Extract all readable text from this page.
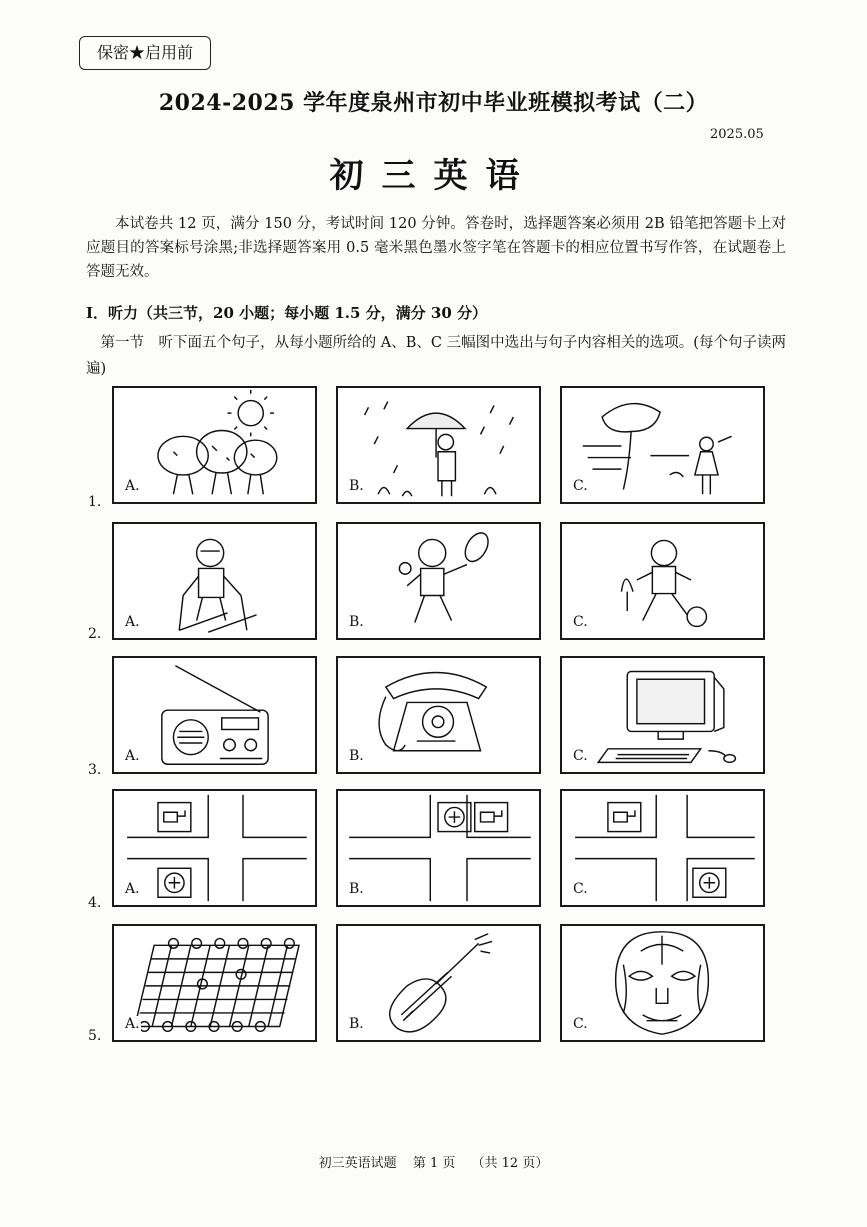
保密★启用前
2024-2025 学年度泉州市初中毕业班模拟考试（二）
2025.05
初三英语
本试卷共 12 页，满分 150 分，考试时间 120 分钟。答卷时，选择题答案必须用 2B 铅笔把答题卡上对应题目的答案标号涂黑;非选择题答案用 0.5 毫米黑色墨水签字笔在答题卡的相应位置书写作答，在试题卷上答题无效。
I．听力（共三节，20 小题；每小题 1.5 分，满分 30 分）
第一节　听下面五个句子，从每小题所给的 A、B、C 三幅图中选出与句子内容相关的选项。(每个句子读两遍)
1.
A.	B.	C.
2.
A.	B.	C.
3.
A.	B.	C.
4.
A.	B.	C.
5.
A.	B.	C.
初三英语试题 第 1 页 （共 12 页）
